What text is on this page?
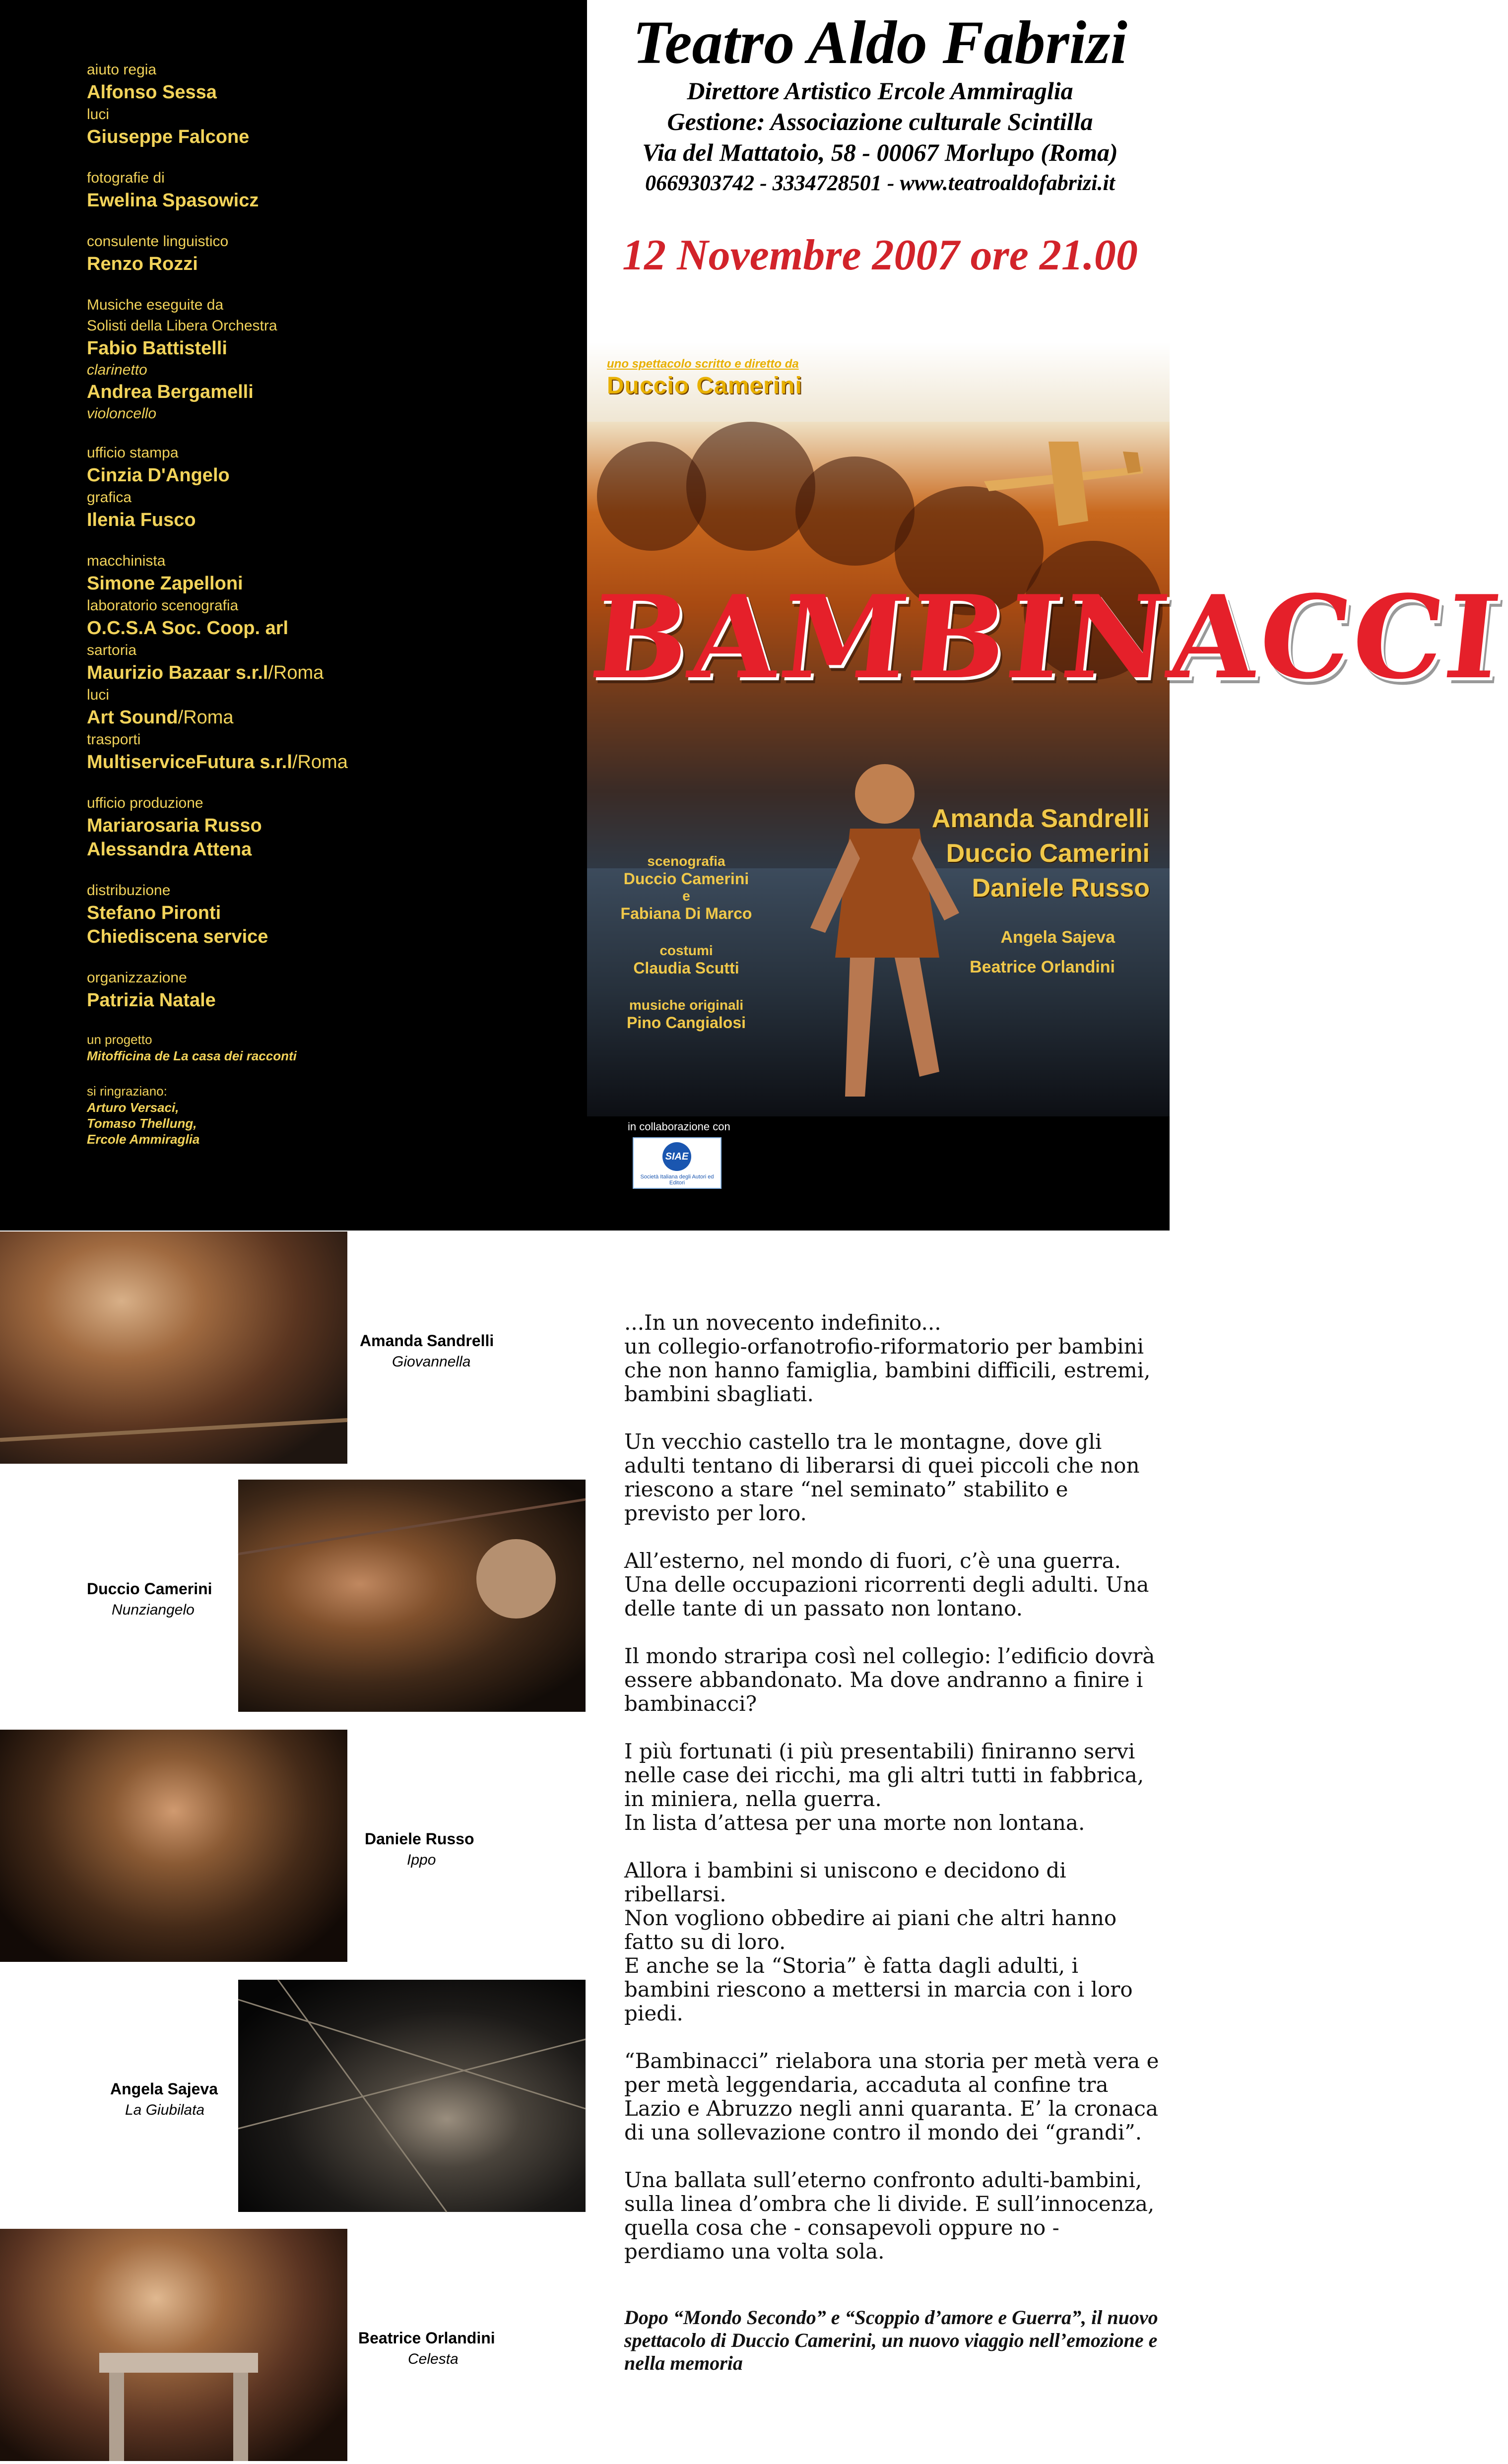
aiuto regia
Alfonso Sessa
luci
Giuseppe Falcone
fotografie di
Ewelina Spasowicz
consulente linguistico
Renzo Rozzi
Musiche eseguite da
Solisti della Libera Orchestra
Fabio Battistelli
clarinetto
Andrea Bergamelli
violoncello
ufficio stampa
Cinzia D'Angelo
grafica
Ilenia Fusco
macchinista
Simone Zapelloni
laboratorio scenografia
O.C.S.A Soc. Coop. arl
sartoria
Maurizio Bazaar s.r.l/Roma
luci
Art Sound/Roma
trasporti
MultiserviceFutura s.r.l/Roma
ufficio produzione
Mariarosaria Russo
Alessandra Attena
distribuzione
Stefano Pironti
Chiediscena service
organizzazione
Patrizia Natale
un progetto
Mitofficina de La casa dei racconti
si ringraziano:
Arturo Versaci,
Tomaso Thellung,
Ercole Ammiraglia
Teatro Aldo Fabrizi
Direttore Artistico Ercole Ammiraglia
Gestione: Associazione culturale Scintilla
Via del Mattatoio, 58 - 00067 Morlupo (Roma)
0669303742 - 3334728501 - www.teatroaldofabrizi.it
12 Novembre 2007 ore 21.00
uno spettacolo scritto e diretto da
Duccio Camerini
BAMBINACCI
Amanda Sandrelli
Duccio Camerini
Daniele Russo
Angela Sajeva
Beatrice Orlandini
scenografia
Duccio Camerini
e
Fabiana Di Marco
costumi
Claudia Scutti
musiche originali
Pino Cangialosi
in collaborazione con
SIAE
Società Italiana degli Autori ed Editori
Amanda Sandrelli
Giovannella
Duccio Camerini
Nunziangelo
Daniele Russo
Ippo
Angela Sajeva
La Giubilata
Beatrice Orlandini
Celesta

...In un novecento indefinito...
un collegio-orfanotrofio-riformatorio per bambini che non hanno famiglia, bambini difficili, estremi, bambini sbagliati.

Un vecchio castello tra le montagne, dove gli adulti tentano di liberarsi di quei piccoli che non riescono a stare “nel seminato” stabilito e previsto per loro.

All’esterno, nel mondo di fuori, c’è una guerra. Una delle occupazioni ricorrenti degli adulti. Una delle tante di un passato non lontano.

Il mondo straripa così nel collegio: l’edificio dovrà essere abbandonato. Ma dove andranno a finire i bambinacci?

I più fortunati (i più presentabili) finiranno servi nelle case dei ricchi, ma gli altri tutti in fabbrica, in miniera, nella guerra.
In lista d’attesa per una morte non lontana.

Allora i bambini si uniscono e decidono di ribellarsi.
Non vogliono obbedire ai piani che altri hanno fatto su di loro.
E anche se la “Storia” è fatta dagli adulti, i bambini riescono a mettersi in marcia con i loro piedi.

“Bambinacci” rielabora una storia per metà vera e per metà leggendaria, accaduta al confine tra Lazio e Abruzzo negli anni quaranta. E’ la cronaca di una sollevazione contro il mondo dei “grandi”.

Una ballata sull’eterno confronto adulti-bambini, sulla linea d’ombra che li divide. E sull’innocenza, quella cosa che - consapevoli oppure no - perdiamo una volta sola.

Dopo “Mondo Secondo” e “Scoppio d’amore e Guerra”, il nuovo spettacolo di Duccio Camerini, un nuovo viaggio nell’emozione e nella memoria
